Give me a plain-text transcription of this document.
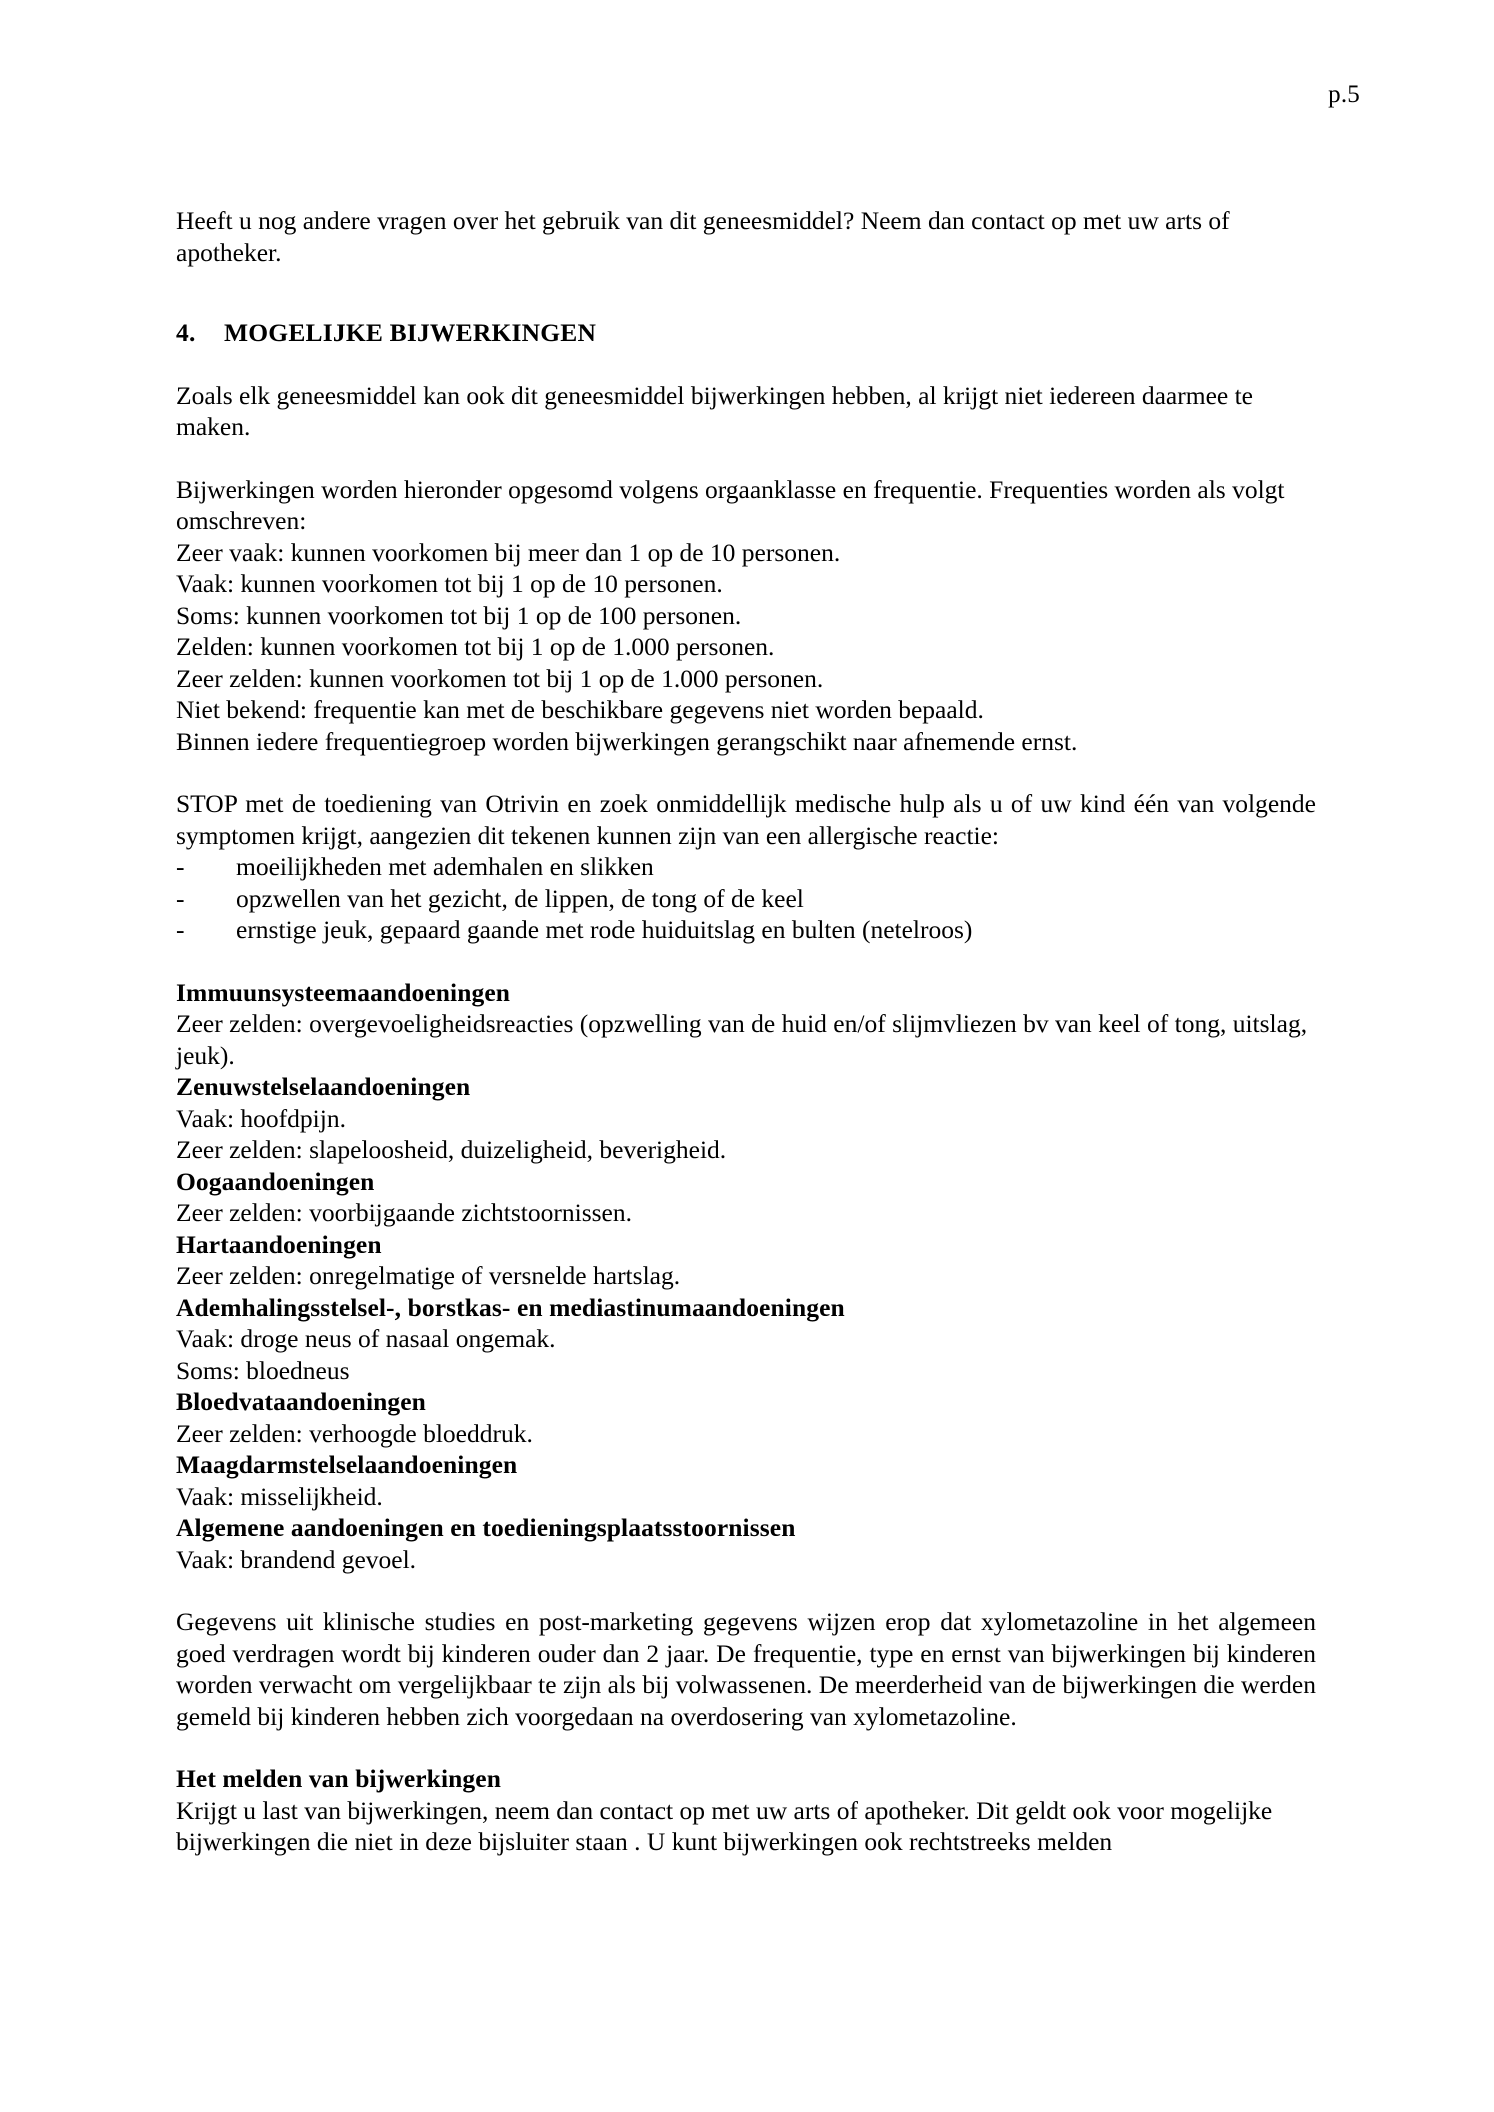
p.5

Heeft u nog andere vragen over het gebruik van dit geneesmiddel? Neem dan contact op met uw arts of apotheker.

4. MOGELIJKE BIJWERKINGEN

Zoals elk geneesmiddel kan ook dit geneesmiddel bijwerkingen hebben, al krijgt niet iedereen daarmee te maken.

Bijwerkingen worden hieronder opgesomd volgens orgaanklasse en frequentie. Frequenties worden als volgt omschreven:

Zeer vaak: kunnen voorkomen bij meer dan 1 op de 10 personen.
Vaak: kunnen voorkomen tot bij 1 op de 10 personen.
Soms: kunnen voorkomen tot bij 1 op de 100 personen.
Zelden: kunnen voorkomen tot bij 1 op de 1.000 personen.
Zeer zelden: kunnen voorkomen tot bij 1 op de 1.000 personen.
Niet bekend: frequentie kan met de beschikbare gegevens niet worden bepaald.
Binnen iedere frequentiegroep worden bijwerkingen gerangschikt naar afnemende ernst.

STOP met de toediening van Otrivin en zoek onmiddellijk medische hulp als u of uw kind één van volgende symptomen krijgt, aangezien dit tekenen kunnen zijn van een allergische reactie:

- moeilijkheden met ademhalen en slikken
- opzwellen van het gezicht, de lippen, de tong of de keel
- ernstige jeuk, gepaard gaande met rode huiduitslag en bulten (netelroos)
Immuunsysteemaandoeningen
Zeer zelden: overgevoeligheidsreacties (opzwelling van de huid en/of slijmvliezen bv van keel of tong, uitslag, jeuk).
Zenuwstelselaandoeningen
Vaak: hoofdpijn.
Zeer zelden: slapeloosheid, duizeligheid, beverigheid.
Oogaandoeningen
Zeer zelden: voorbijgaande zichtstoornissen.
Hartaandoeningen
Zeer zelden: onregelmatige of versnelde hartslag.
Ademhalingsstelsel-, borstkas- en mediastinumaandoeningen
Vaak: droge neus of nasaal ongemak.
Soms: bloedneus
Bloedvataandoeningen
Zeer zelden: verhoogde bloeddruk.
Maagdarmstelselaandoeningen
Vaak: misselijkheid.
Algemene aandoeningen en toedieningsplaatsstoornissen
Vaak: brandend gevoel.

Gegevens uit klinische studies en post-marketing gegevens wijzen erop dat xylometazoline in het algemeen goed verdragen wordt bij kinderen ouder dan 2 jaar. De frequentie, type en ernst van bijwerkingen bij kinderen worden verwacht om vergelijkbaar te zijn als bij volwassenen. De meerderheid van de bijwerkingen die werden gemeld bij kinderen hebben zich voorgedaan na overdosering van xylometazoline.

Het melden van bijwerkingen

Krijgt u last van bijwerkingen, neem dan contact op met uw arts of apotheker. Dit geldt ook voor mogelijke bijwerkingen die niet in deze bijsluiter staan . U kunt bijwerkingen ook rechtstreeks melden
